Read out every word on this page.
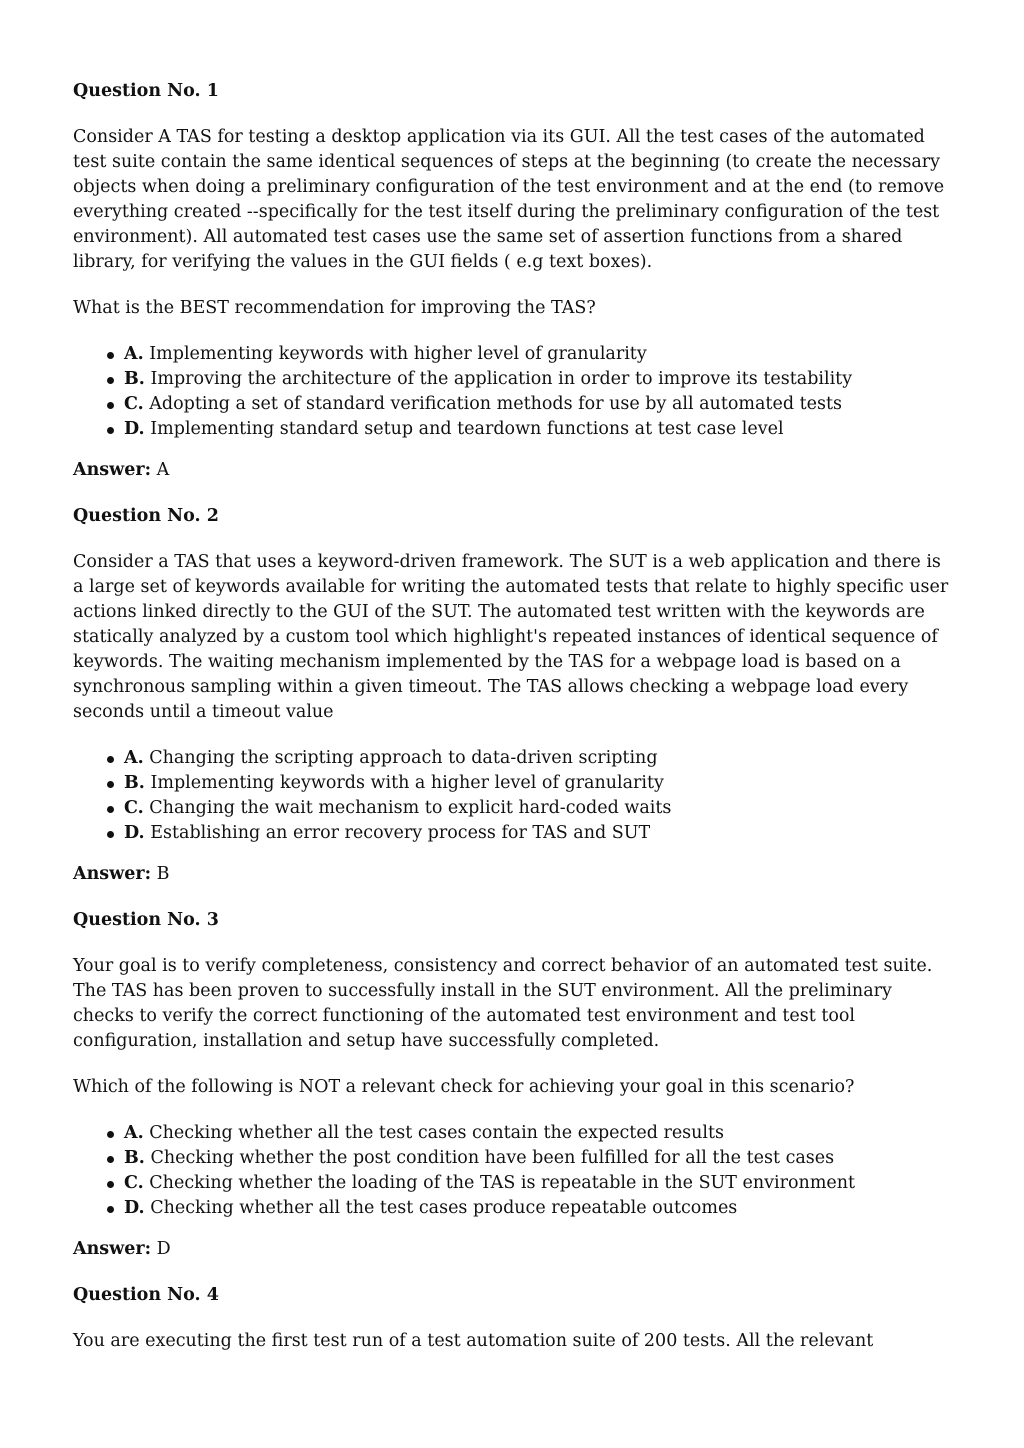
Question No. 1

Consider A TAS for testing a desktop application via its GUI. All the test cases of the automated test suite contain the same identical sequences of steps at the beginning (to create the necessary objects when doing a preliminary configuration of the test environment and at the end (to remove everything created --specifically for the test itself during the preliminary configuration of the test environment). All automated test cases use the same set of assertion functions from a shared library, for verifying the values in the GUI fields ( e.g text boxes).

What is the BEST recommendation for improving the TAS?

A. Implementing keywords with higher level of granularity
B. Improving the architecture of the application in order to improve its testability
C. Adopting a set of standard verification methods for use by all automated tests
D. Implementing standard setup and teardown functions at test case level

Answer: A

Question No. 2

Consider a TAS that uses a keyword-driven framework. The SUT is a web application and there is a large set of keywords available for writing the automated tests that relate to highly specific user actions linked directly to the GUI of the SUT. The automated test written with the keywords are statically analyzed by a custom tool which highlight's repeated instances of identical sequence of keywords. The waiting mechanism implemented by the TAS for a webpage load is based on a synchronous sampling within a given timeout. The TAS allows checking a webpage load every seconds until a timeout value

A. Changing the scripting approach to data-driven scripting
B. Implementing keywords with a higher level of granularity
C. Changing the wait mechanism to explicit hard-coded waits
D. Establishing an error recovery process for TAS and SUT

Answer: B

Question No. 3

Your goal is to verify completeness, consistency and correct behavior of an automated test suite. The TAS has been proven to successfully install in the SUT environment. All the preliminary checks to verify the correct functioning of the automated test environment and test tool configuration, installation and setup have successfully completed.

Which of the following is NOT a relevant check for achieving your goal in this scenario?

A. Checking whether all the test cases contain the expected results
B. Checking whether the post condition have been fulfilled for all the test cases
C. Checking whether the loading of the TAS is repeatable in the SUT environment
D. Checking whether all the test cases produce repeatable outcomes

Answer: D

Question No. 4

You are executing the first test run of a test automation suite of 200 tests. All the relevant
